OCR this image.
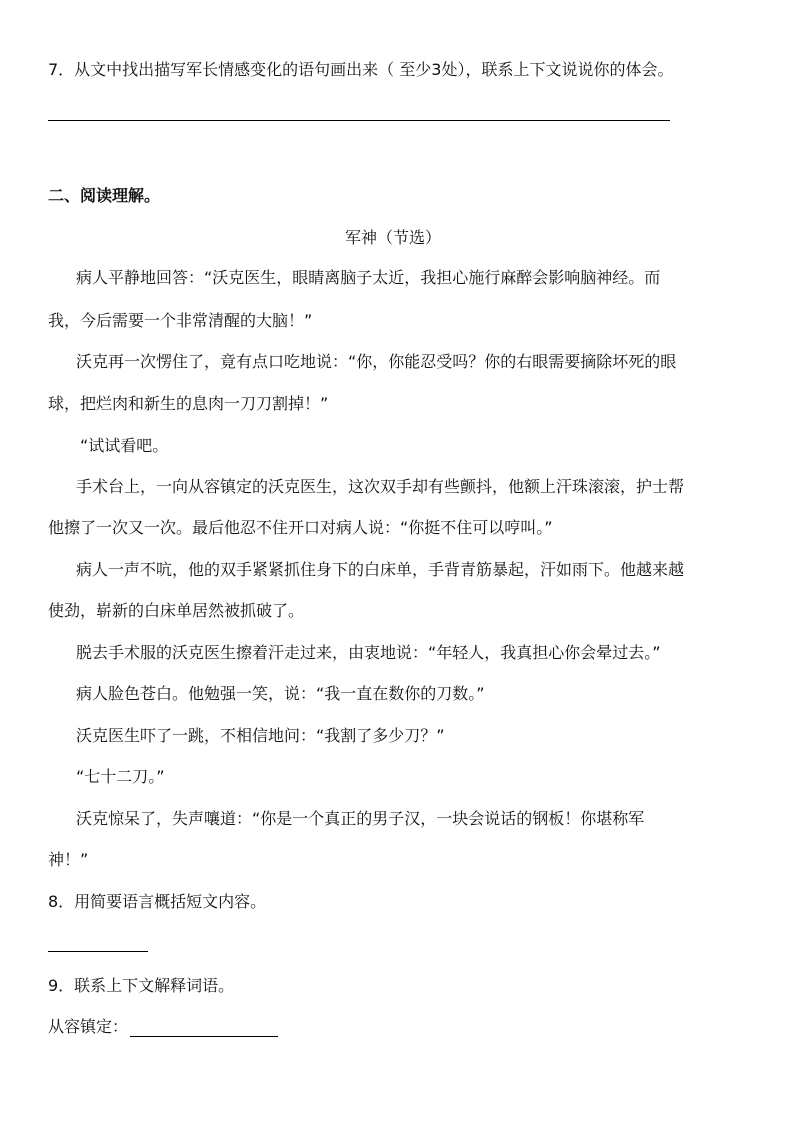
7．从文中找出描写军长情感变化的语句画出来（ 至少3处），联系上下文说说你的体会。
二、阅读理解。
军神（节选）
病人平静地回答：“沃克医生，眼睛离脑子太近，我担心施行麻醉会影响脑神经。而
我，今后需要一个非常清醒的大脑！”
沃克再一次愣住了，竟有点口吃地说：“你，你能忍受吗？你的右眼需要摘除坏死的眼
球，把烂肉和新生的息肉一刀刀割掉！”
“试试看吧。
手术台上，一向从容镇定的沃克医生，这次双手却有些颤抖，他额上汗珠滚滚，护士帮
他擦了一次又一次。最后他忍不住开口对病人说：“你挺不住可以哼叫。”
病人一声不吭，他的双手紧紧抓住身下的白床单，手背青筋暴起，汗如雨下。他越来越
使劲，崭新的白床单居然被抓破了。
脱去手术服的沃克医生擦着汗走过来，由衷地说：“年轻人，我真担心你会晕过去。”
病人脸色苍白。他勉强一笑，说：“我一直在数你的刀数。”
沃克医生吓了一跳，不相信地问：“我割了多少刀？”
“七十二刀。”
沃克惊呆了，失声嚷道：“你是一个真正的男子汉，一块会说话的钢板！你堪称军
神！”
8．用简要语言概括短文内容。
9．联系上下文解释词语。
从容镇定：
